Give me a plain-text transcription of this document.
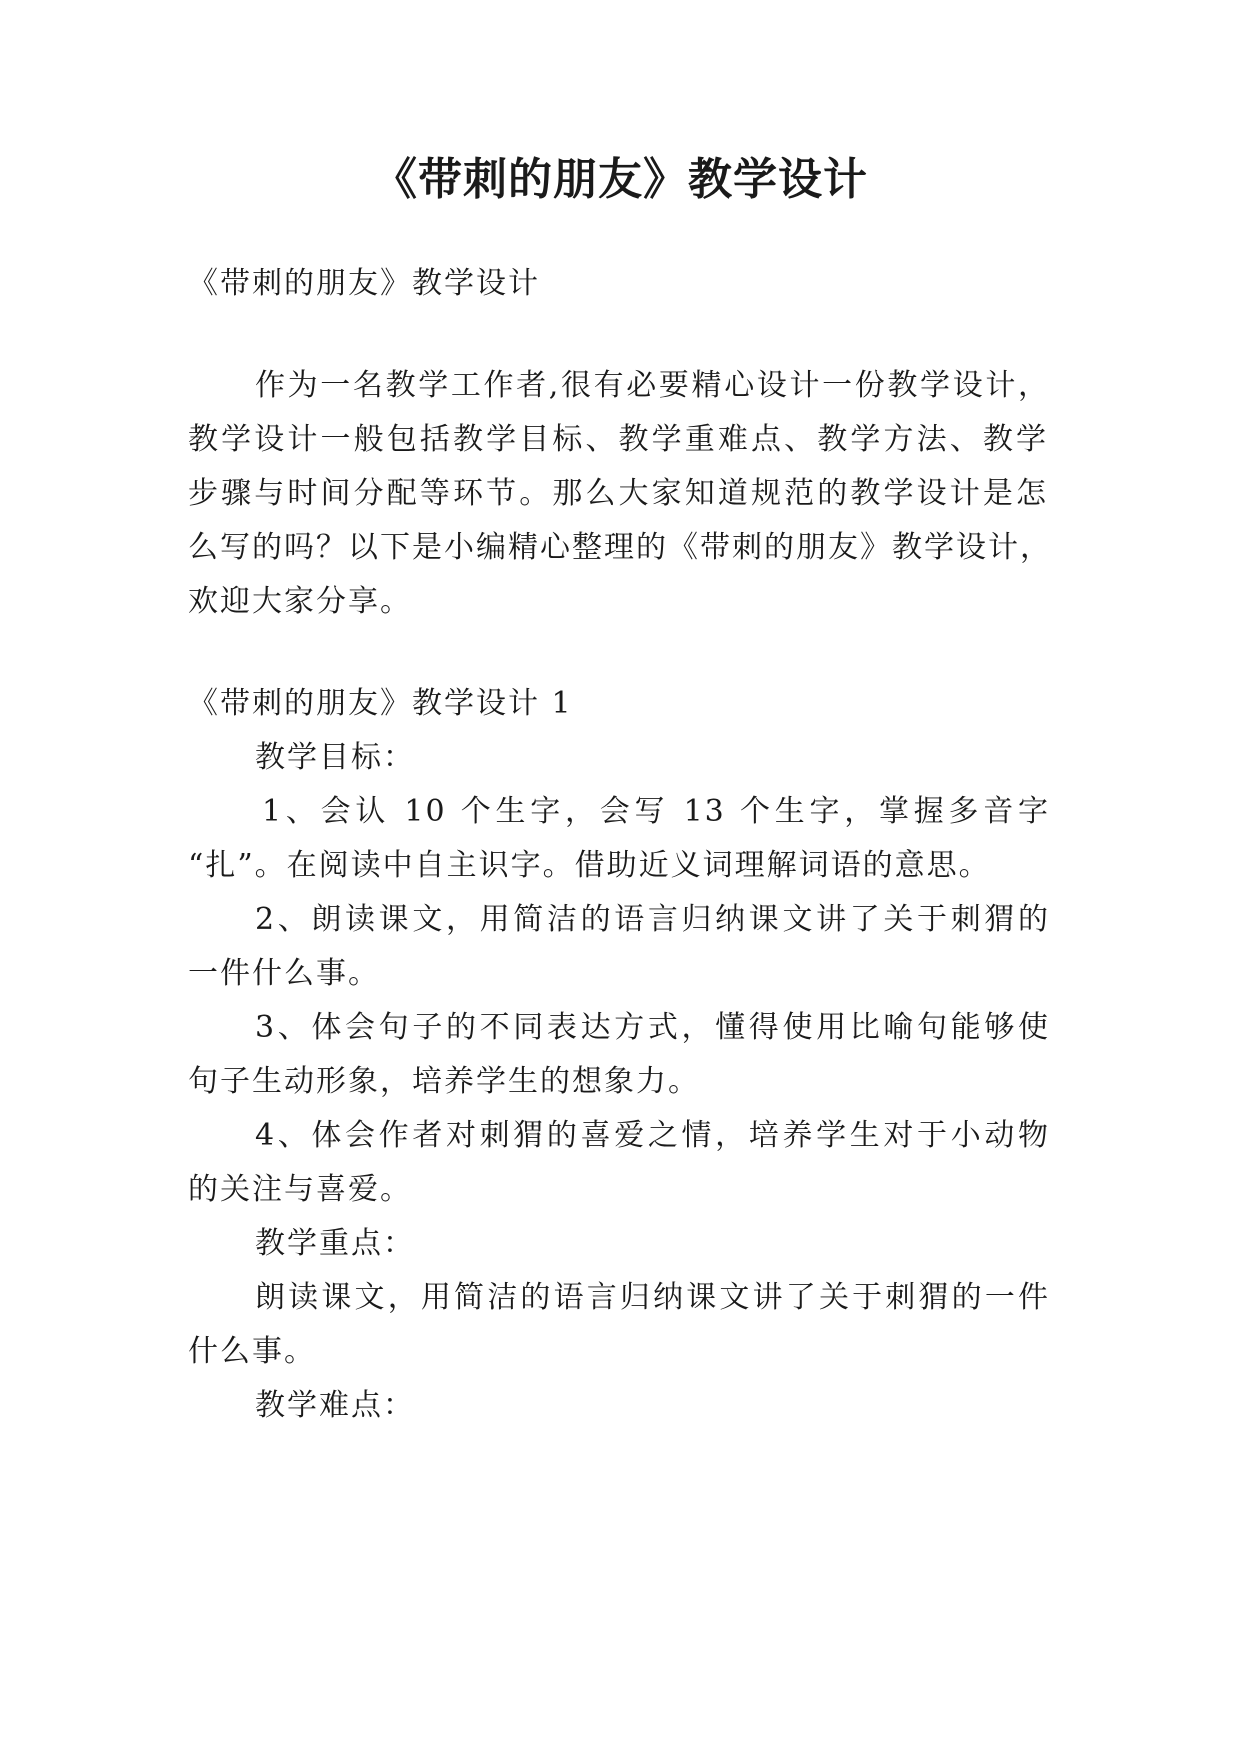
《带刺的朋友》教学设计
《带刺的朋友》教学设计
作为一名教学工作者,很有必要精心设计一份教学设计，
教学设计一般包括教学目标、教学重难点、教学方法、教学
步骤与时间分配等环节。那么大家知道规范的教学设计是怎
么写的吗？以下是小编精心整理的《带刺的朋友》教学设计，
欢迎大家分享。
《带刺的朋友》教学设计 1
教学目标：
1、会认 10 个生字，会写 13 个生字，掌握多音字
“扎”。在阅读中自主识字。借助近义词理解词语的意思。
2、朗读课文，用简洁的语言归纳课文讲了关于刺猬的
一件什么事。
3、体会句子的不同表达方式，懂得使用比喻句能够使
句子生动形象，培养学生的想象力。
4、体会作者对刺猬的喜爱之情，培养学生对于小动物
的关注与喜爱。
教学重点：
朗读课文，用简洁的语言归纳课文讲了关于刺猬的一件
什么事。
教学难点：
